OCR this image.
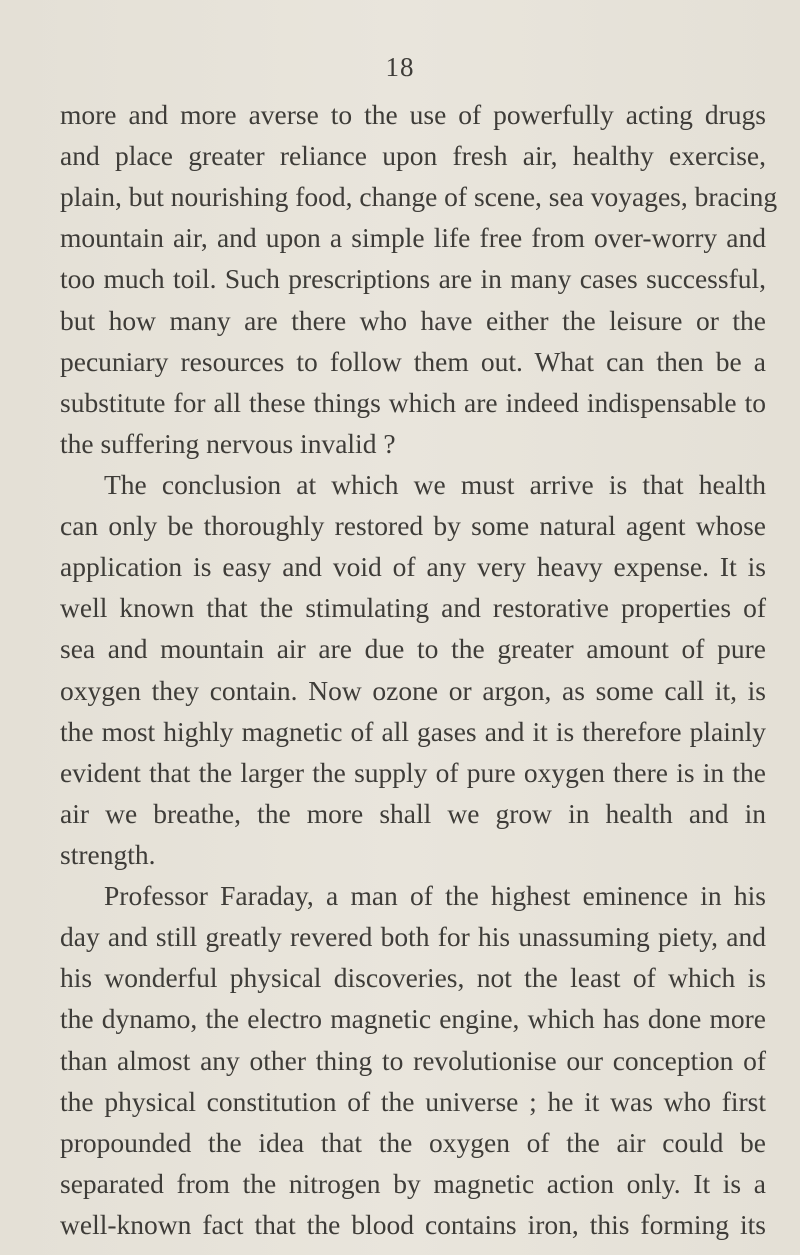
18
more and more averse to the use of powerfully acting drugs
and place greater reliance upon fresh air, healthy exercise,
plain, but nourishing food, change of scene, sea voyages, bracing
mountain air, and upon a simple life free from over-worry and
too much toil. Such prescriptions are in many cases successful,
but how many are there who have either the leisure or the
pecuniary resources to follow them out. What can then be a
substitute for all these things which are indeed indispensable to
the suffering nervous invalid ?
The conclusion at which we must arrive is that health
can only be thoroughly restored by some natural agent whose
application is easy and void of any very heavy expense. It is
well known that the stimulating and restorative properties of
sea and mountain air are due to the greater amount of pure
oxygen they contain. Now ozone or argon, as some call it, is
the most highly magnetic of all gases and it is therefore plainly
evident that the larger the supply of pure oxygen there is in the
air we breathe, the more shall we grow in health and in
strength.
Professor Faraday, a man of the highest eminence in his
day and still greatly revered both for his unassuming piety, and
his wonderful physical discoveries, not the least of which is
the dynamo, the electro magnetic engine, which has done more
than almost any other thing to revolutionise our conception of
the physical constitution of the universe ; he it was who first
propounded the idea that the oxygen of the air could be
separated from the nitrogen by magnetic action only. It is a
well-known fact that the blood contains iron, this forming its
